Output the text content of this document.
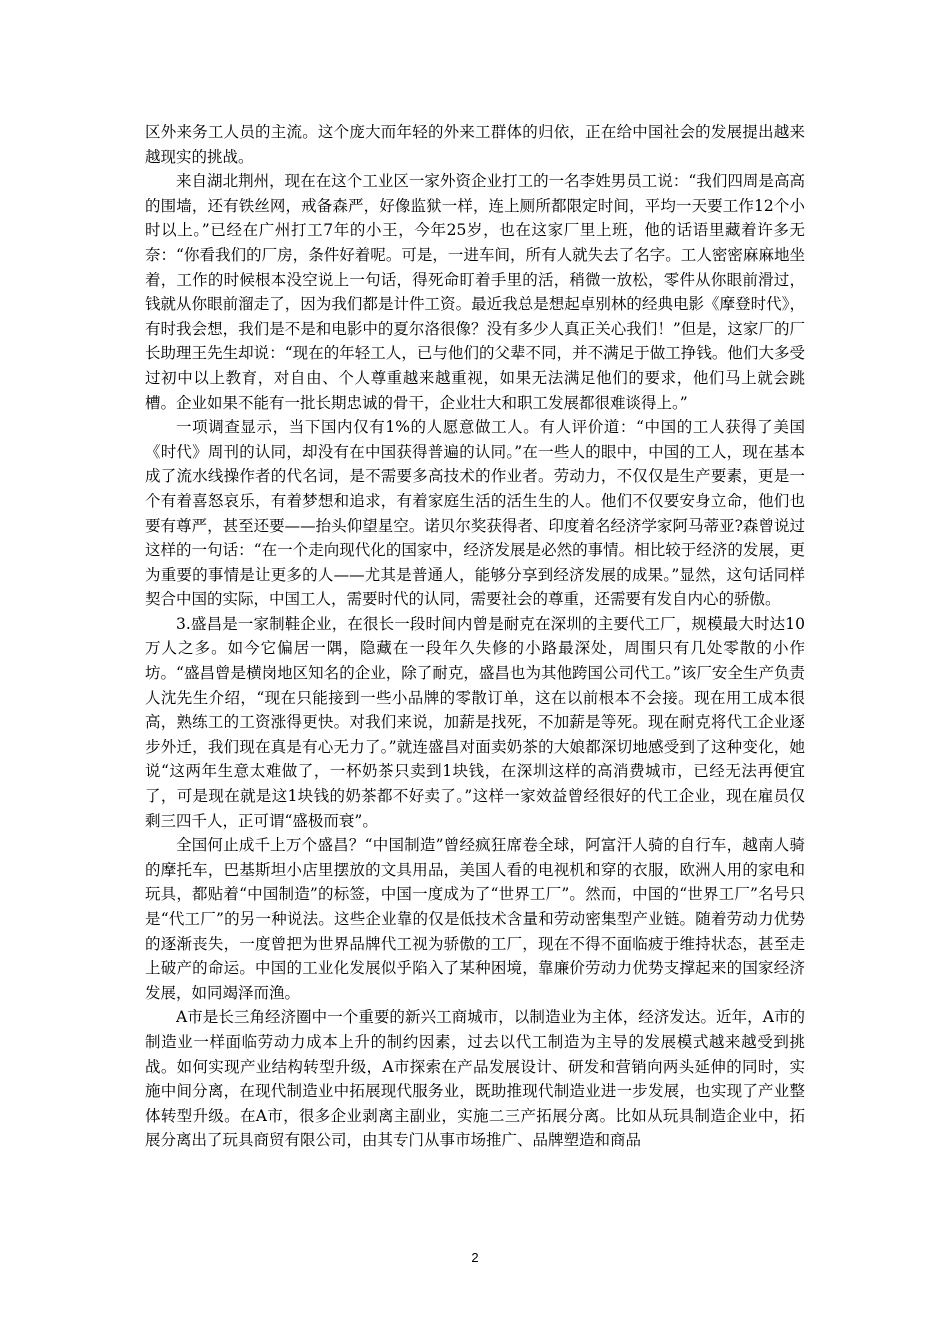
区外来务工人员的主流。这个庞大而年轻的外来工群体的归依，正在给中国社会的发展提出越来越现实的挑战。

来自湖北荆州，现在在这个工业区一家外资企业打工的一名李姓男员工说：“我们四周是高高的围墙，还有铁丝网，戒备森严，好像监狱一样，连上厕所都限定时间，平均一天要工作12个小时以上。”已经在广州打工7年的小王，今年25岁，也在这家厂里上班，他的话语里藏着许多无奈：“你看我们的厂房，条件好着呢。可是，一进车间，所有人就失去了名字。工人密密麻麻地坐着，工作的时候根本没空说上一句话，得死命盯着手里的活，稍微一放松，零件从你眼前滑过，钱就从你眼前溜走了，因为我们都是计件工资。最近我总是想起卓别林的经典电影《摩登时代》，有时我会想，我们是不是和电影中的夏尔洛很像？没有多少人真正关心我们！”但是，这家厂的厂长助理王先生却说：“现在的年轻工人，已与他们的父辈不同，并不满足于做工挣钱。他们大多受过初中以上教育，对自由、个人尊重越来越重视，如果无法满足他们的要求，他们马上就会跳槽。企业如果不能有一批长期忠诚的骨干，企业壮大和职工发展都很难谈得上。”

一项调查显示，当下国内仅有1%的人愿意做工人。有人评价道：“中国的工人获得了美国《时代》周刊的认同，却没有在中国获得普遍的认同。”在一些人的眼中，中国的工人，现在基本成了流水线操作者的代名词，是不需要多高技术的作业者。劳动力，不仅仅是生产要素，更是一个有着喜怒哀乐，有着梦想和追求，有着家庭生活的活生生的人。他们不仅要安身立命，他们也要有尊严，甚至还要——抬头仰望星空。诺贝尔奖获得者、印度着名经济学家阿马蒂亚?森曾说过这样的一句话：“在一个走向现代化的国家中，经济发展是必然的事情。相比较于经济的发展，更为重要的事情是让更多的人——尤其是普通人，能够分享到经济发展的成果。”显然，这句话同样契合中国的实际，中国工人，需要时代的认同，需要社会的尊重，还需要有发自内心的骄傲。

3.盛昌是一家制鞋企业，在很长一段时间内曾是耐克在深圳的主要代工厂，规模最大时达10万人之多。如今它偏居一隅，隐藏在一段年久失修的小路最深处，周围只有几处零散的小作坊。“盛昌曾是横岗地区知名的企业，除了耐克，盛昌也为其他跨国公司代工。”该厂安全生产负责人沈先生介绍，“现在只能接到一些小品牌的零散订单，这在以前根本不会接。现在用工成本很高，熟练工的工资涨得更快。对我们来说，加薪是找死，不加薪是等死。现在耐克将代工企业逐步外迁，我们现在真是有心无力了。”就连盛昌对面卖奶茶的大娘都深切地感受到了这种变化，她说“这两年生意太难做了，一杯奶茶只卖到1块钱，在深圳这样的高消费城市，已经无法再便宜了，可是现在就是这1块钱的奶茶都不好卖了。”这样一家效益曾经很好的代工企业，现在雇员仅剩三四千人，正可谓“盛极而衰”。

全国何止成千上万个盛昌？“中国制造”曾经疯狂席卷全球，阿富汗人骑的自行车，越南人骑的摩托车，巴基斯坦小店里摆放的文具用品，美国人看的电视机和穿的衣服，欧洲人用的家电和玩具，都贴着“中国制造”的标签，中国一度成为了“世界工厂”。然而，中国的“世界工厂”名号只是“代工厂”的另一种说法。这些企业靠的仅是低技术含量和劳动密集型产业链。随着劳动力优势的逐渐丧失，一度曾把为世界品牌代工视为骄傲的工厂，现在不得不面临疲于维持状态，甚至走上破产的命运。中国的工业化发展似乎陷入了某种困境，靠廉价劳动力优势支撑起来的国家经济发展，如同竭泽而渔。

A市是长三角经济圈中一个重要的新兴工商城市，以制造业为主体，经济发达。近年，A市的制造业一样面临劳动力成本上升的制约因素，过去以代工制造为主导的发展模式越来越受到挑战。如何实现产业结构转型升级，A市探索在产品发展设计、研发和营销向两头延伸的同时，实施中间分离，在现代制造业中拓展现代服务业，既助推现代制造业进一步发展，也实现了产业整体转型升级。在A市，很多企业剥离主副业，实施二三产拓展分离。比如从玩具制造企业中，拓展分离出了玩具商贸有限公司，由其专门从事市场推广、品牌塑造和商品

2
